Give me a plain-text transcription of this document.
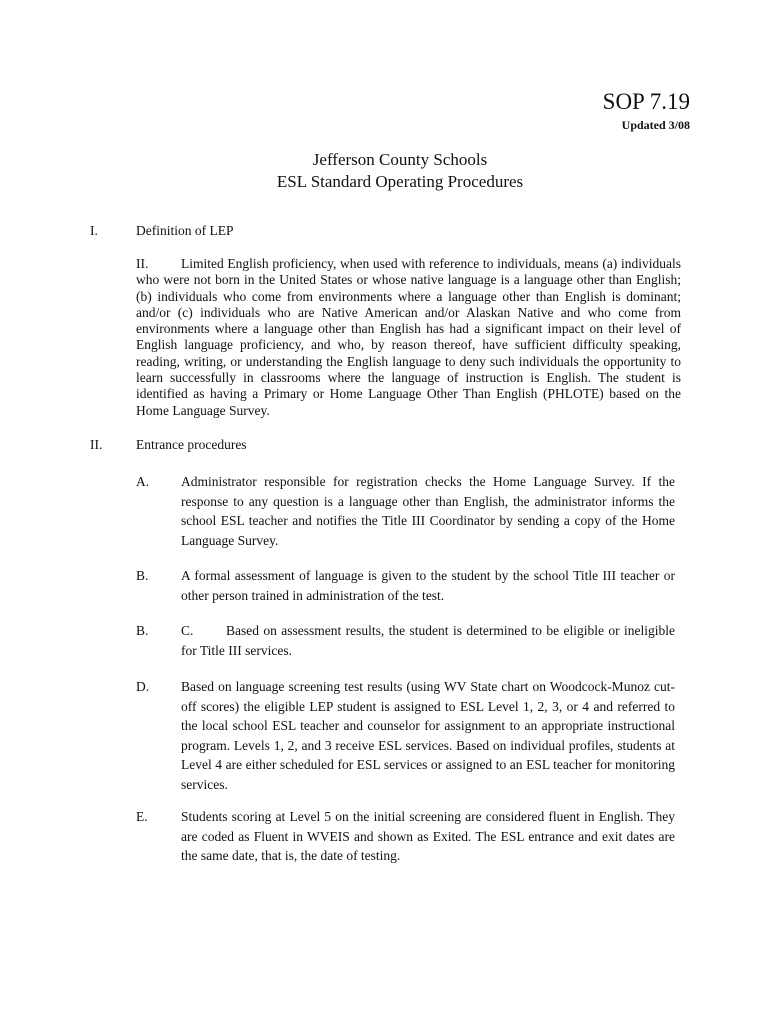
SOP 7.19
Updated 3/08
Jefferson County Schools
ESL Standard Operating Procedures
I.	Definition of LEP
II. Limited English proficiency, when used with reference to individuals, means (a) individuals who were not born in the United States or whose native language is a language other than English; (b) individuals who come from environments where a language other than English is dominant; and/or (c) individuals who are Native American and/or Alaskan Native and who come from environments where a language other than English has had a significant impact on their level of English language proficiency, and who, by reason thereof, have sufficient difficulty speaking, reading, writing, or understanding the English language to deny such individuals the opportunity to learn successfully in classrooms where the language of instruction is English. The student is identified as having a Primary or Home Language Other Than English (PHLOTE) based on the Home Language Survey.
II. Entrance procedures
A. Administrator responsible for registration checks the Home Language Survey. If the response to any question is a language other than English, the administrator informs the school ESL teacher and notifies the Title III Coordinator by sending a copy of the Home Language Survey.
B. A formal assessment of language is given to the student by the school Title III teacher or other person trained in administration of the test.
B. C. Based on assessment results, the student is determined to be eligible or ineligible for Title III services.
D. Based on language screening test results (using WV State chart on Woodcock-Munoz cut-off scores) the eligible LEP student is assigned to ESL Level 1, 2, 3, or 4 and referred to the local school ESL teacher and counselor for assignment to an appropriate instructional program. Levels 1, 2, and 3 receive ESL services. Based on individual profiles, students at Level 4 are either scheduled for ESL services or assigned to an ESL teacher for monitoring services.
E. Students scoring at Level 5 on the initial screening are considered fluent in English. They are coded as Fluent in WVEIS and shown as Exited. The ESL entrance and exit dates are the same date, that is, the date of testing.
